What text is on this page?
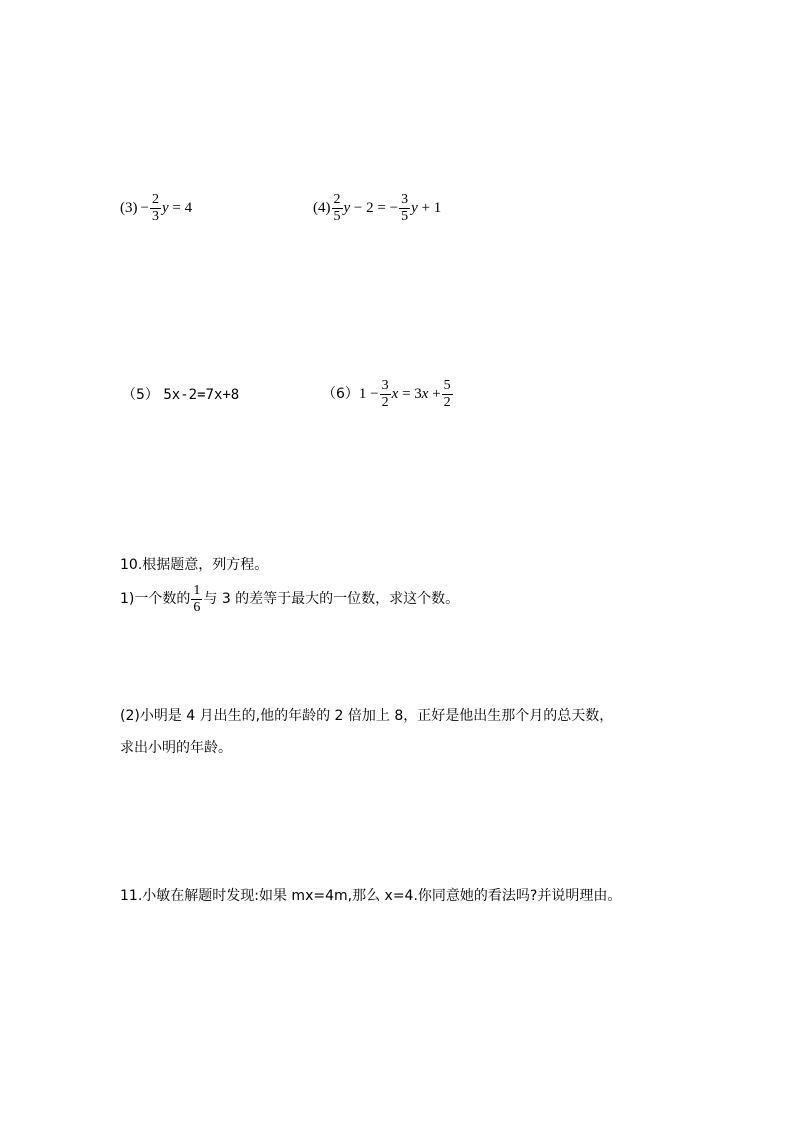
$(3) - \frac{2}{3}$ y = 4	$(4) \frac{2}{5}$ y − 2 = − $\frac{3}{5}$ y + 1
（5） 5x-2=7x+8	（6） $1 - \frac{3}{2}$ x = 3 $x + \frac{5}{2}$
10.根据题意，列方程。
1)一个数的 $\frac{1}{6}$ 与 3 的差等于最大的一位数，求这个数。
(2)小明是 4 月出生的,他的年龄的 2 倍加上 8，正好是他出生那个月的总天数，
求出小明的年龄。
11.小敏在解题时发现:如果 mx=4m,那么 x=4.你同意她的看法吗?并说明理由。
